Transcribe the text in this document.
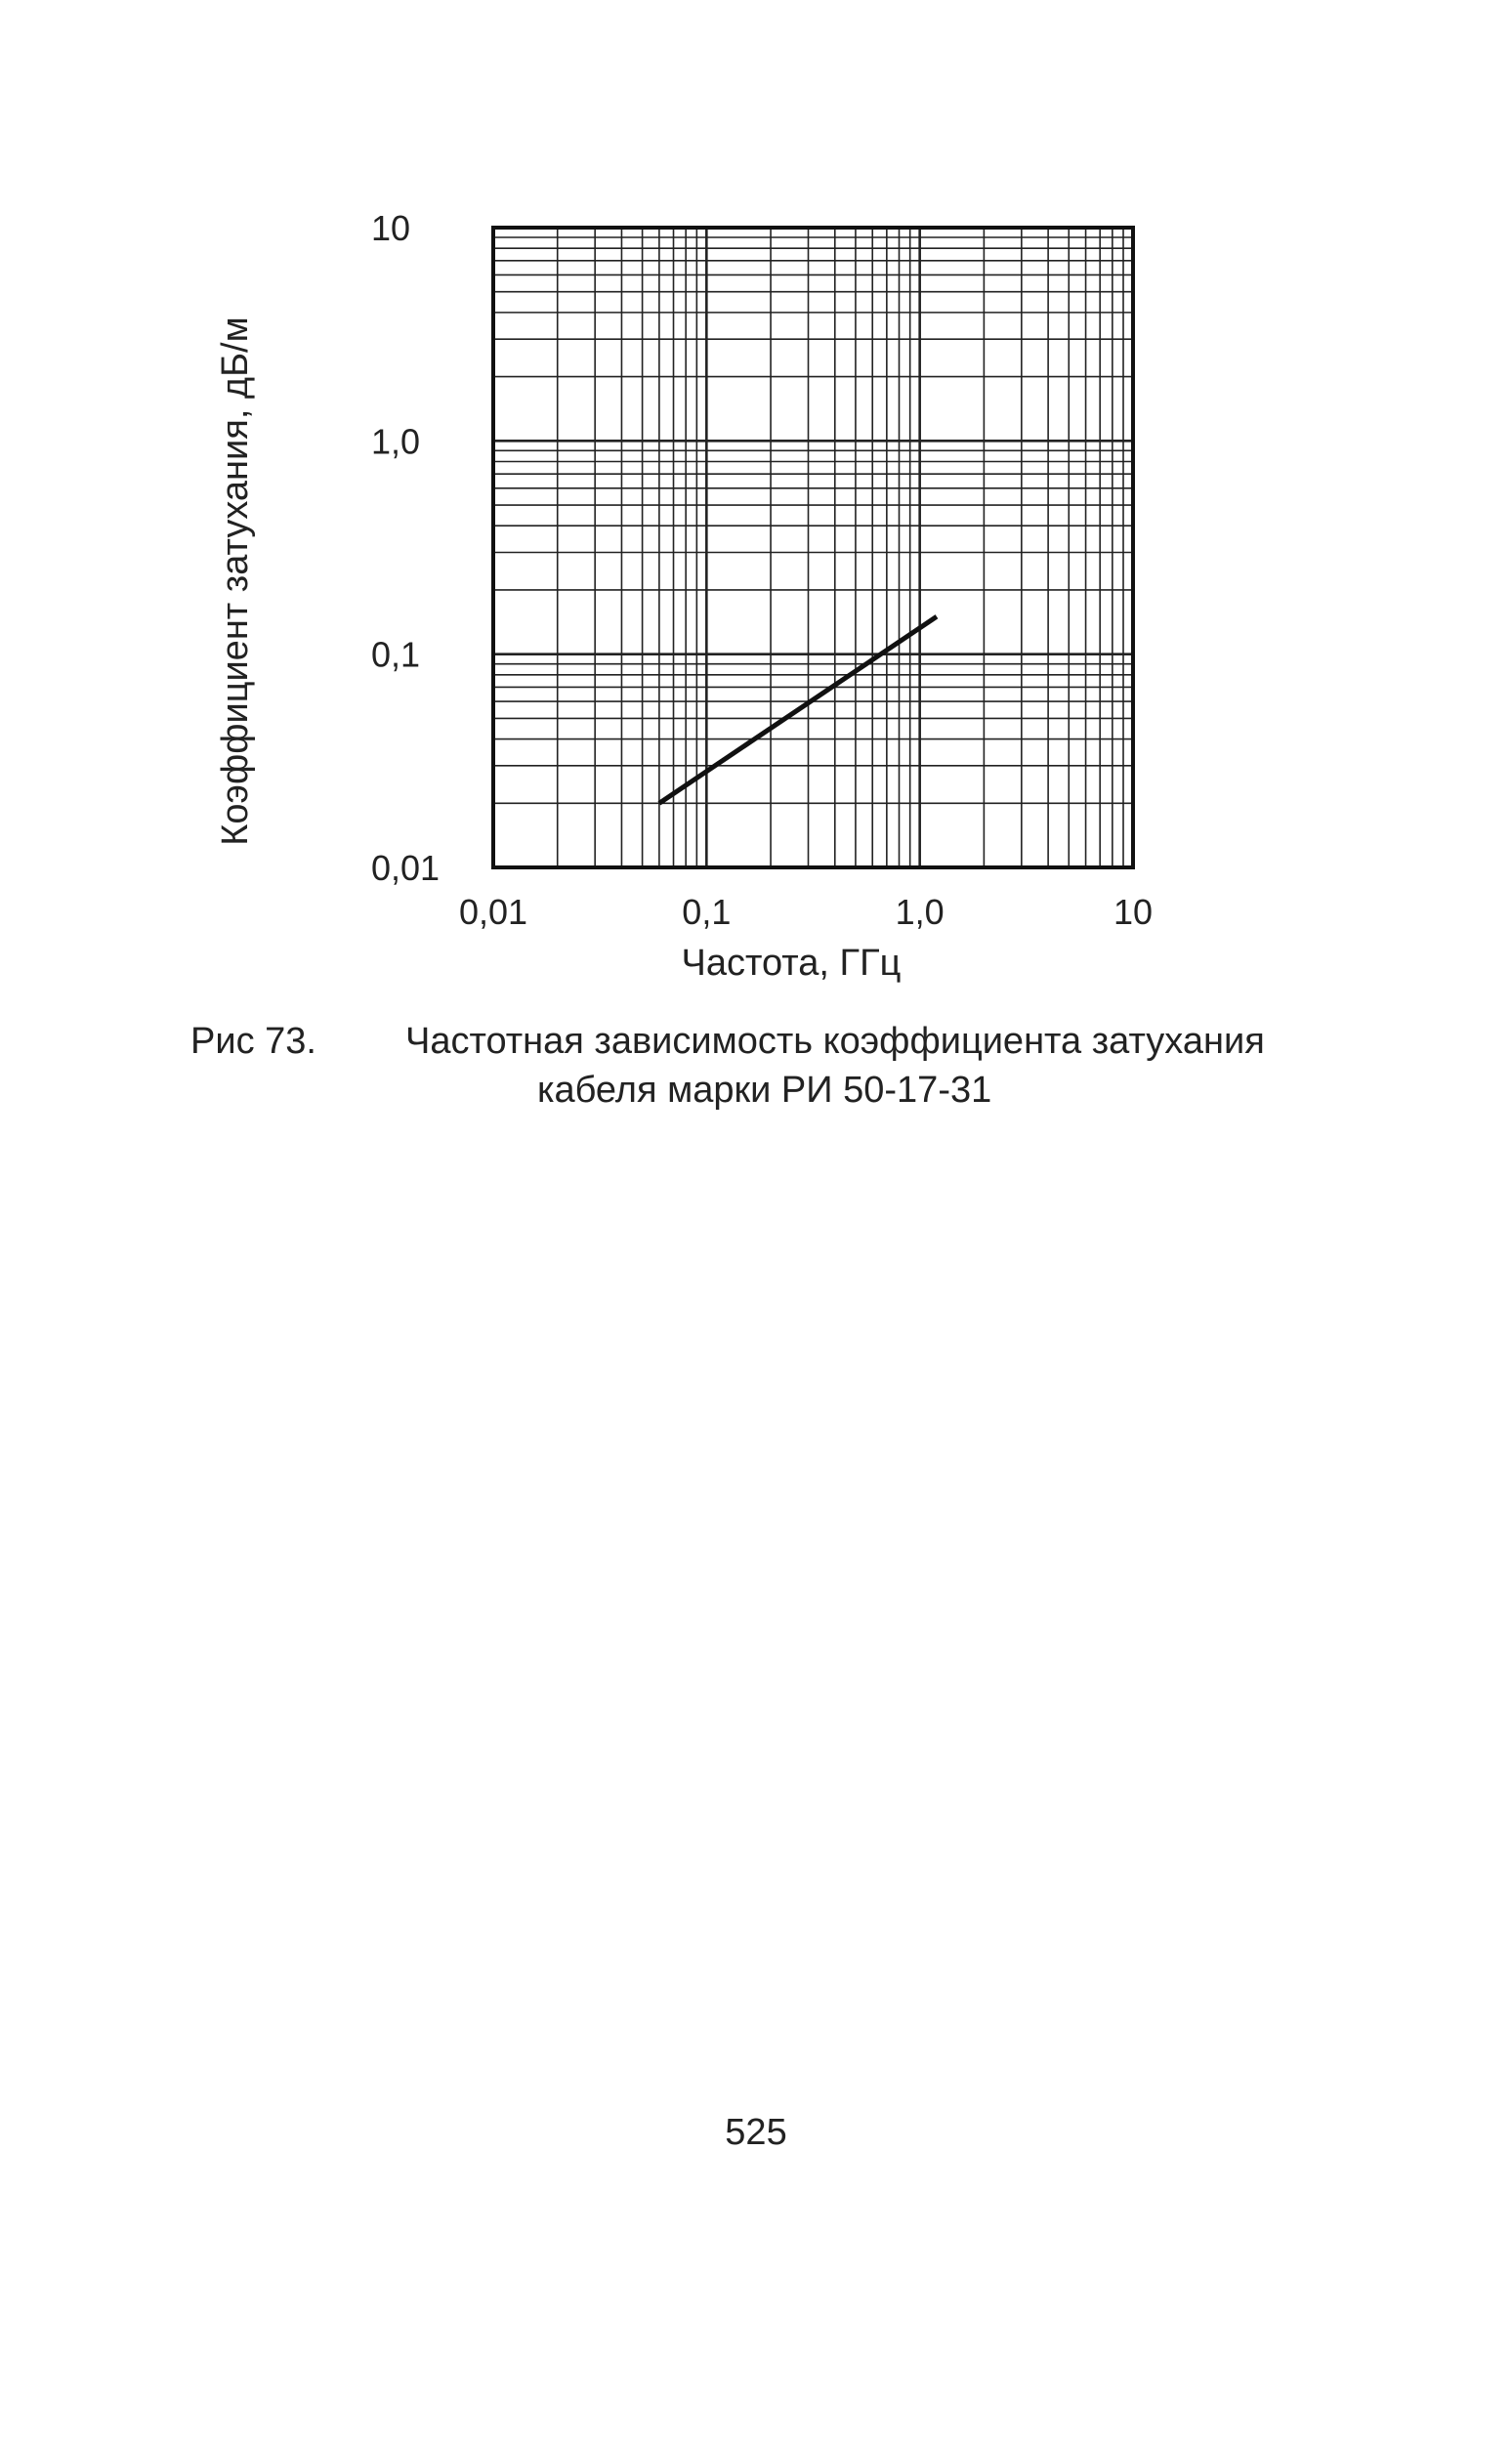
0,01	0,1	1,0	10
0,01
0,1
1,0
10
Частота, ГГц
Коэффициент затухания, дБ/м
Рис 73. Частотная зависимость коэффициента затухания
кабеля марки РИ 50-17-31
525
